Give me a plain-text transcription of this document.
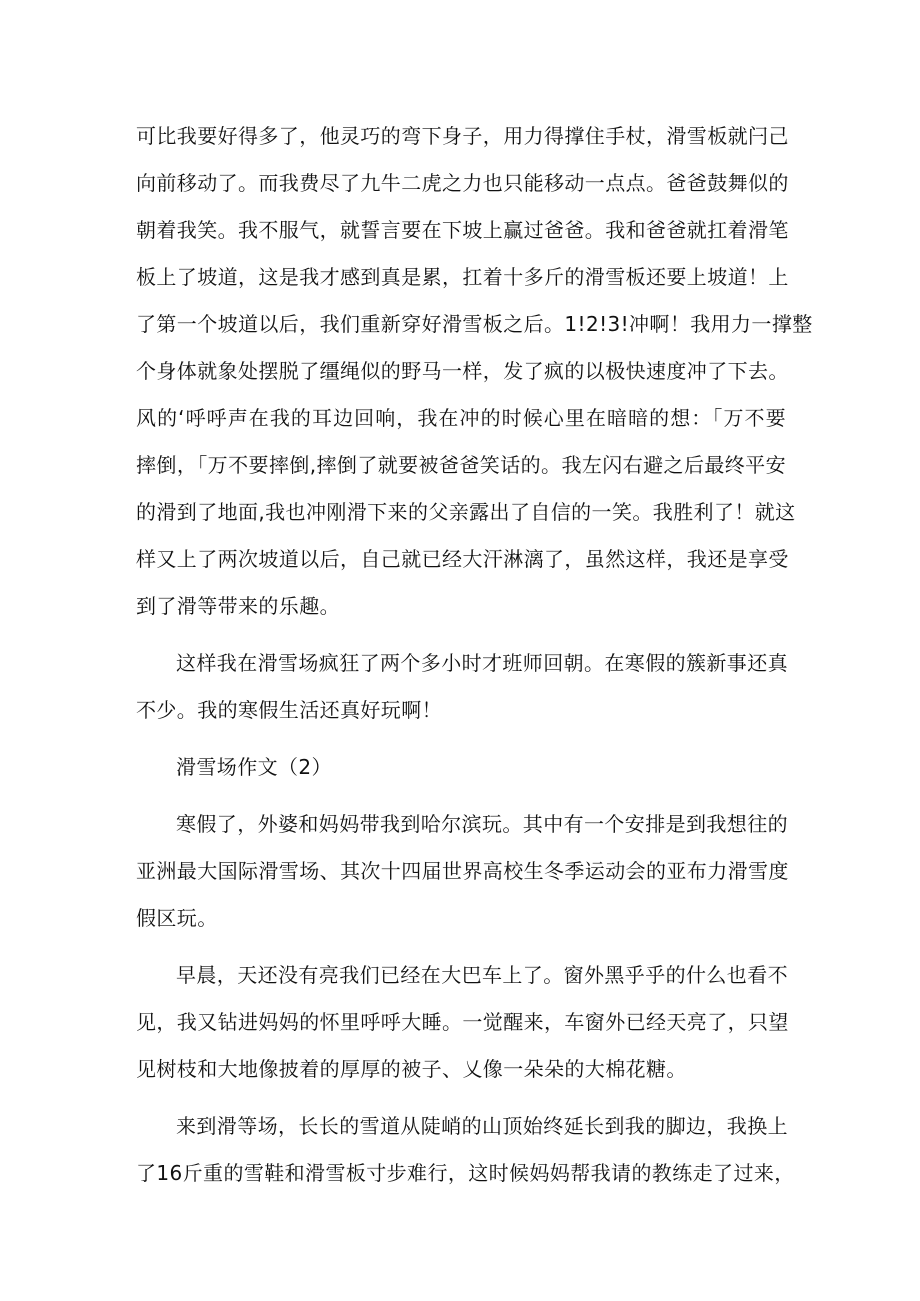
可比我要好得多了，他灵巧的弯下身子，用力得撑住手杖，滑雪板就闩己
向前移动了。而我费尽了九牛二虎之力也只能移动一点点。爸爸鼓舞似的
朝着我笑。我不服气，就誓言要在下坡上赢过爸爸。我和爸爸就扛着滑笔
板上了坡道，这是我才感到真是累，扛着十多斤的滑雪板还要上坡道！上
了第一个坡道以后，我们重新穿好滑雪板之后。1!2!3!冲啊！我用力一撑整
个身体就象处摆脱了缰绳似的野马一样，发了疯的以极快速度冲了下去。
风的‘呼呼声在我的耳边回响，我在冲的时候心里在暗暗的想：「万不要
摔倒，「万不要摔倒,摔倒了就要被爸爸笑话的。我左闪右避之后最终平安
的滑到了地面,我也冲刚滑下来的父亲露出了自信的一笑。我胜利了！就这
样又上了两次坡道以后，自己就已经大汗淋漓了，虽然这样，我还是享受
到了滑等带来的乐趣。
这样我在滑雪场疯狂了两个多小时才班师回朝。在寒假的簇新事还真
不少。我的寒假生活还真好玩啊！
滑雪场作文（2）
寒假了，外婆和妈妈带我到哈尔滨玩。其中有一个安排是到我想往的
亚洲最大国际滑雪场、其次十四届世界高校生冬季运动会的亚布力滑雪度
假区玩。
早晨，天还没有亮我们已经在大巴车上了。窗外黑乎乎的什么也看不
见，我又钻进妈妈的怀里呼呼大睡。一觉醒来，车窗外已经天亮了，只望
见树枝和大地像披着的厚厚的被子、乂像一朵朵的大棉花糖。
来到滑等场，长长的雪道从陡峭的山顶始终延长到我的脚边，我换上
了16斤重的雪鞋和滑雪板寸步难行，这时候妈妈帮我请的教练走了过来，
